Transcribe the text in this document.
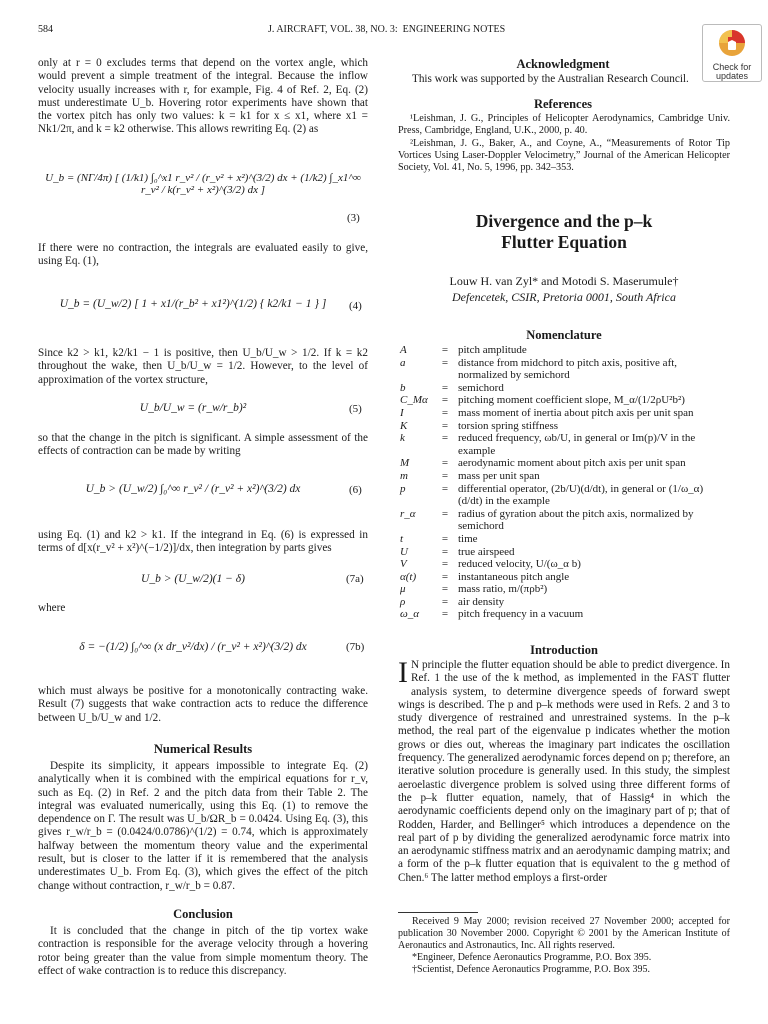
584	J. AIRCRAFT, VOL. 38, NO. 3: ENGINEERING NOTES
Check for
updates

only at r = 0 excludes terms that depend on the vortex angle, which would prevent a simple treatment of the integral. Because the inflow velocity usually increases with r, for example, Fig. 4 of Ref. 2, Eq. (2) must underestimate U_b. Hovering rotor experiments have shown that the vortex pitch has only two values: k = k1 for x ≤ x1, where x1 = Nk1/2π, and k = k2 otherwise. This allows rewriting Eq. (2) as

U_b = (NΓ/4π) [ (1/k1) ∫₀^x1 r_v² / (r_v² + x²)^(3/2) dx + (1/k2) ∫_x1^∞ r_v² / k(r_v² + x²)^(3/2) dx ]
(3)

If there were no contraction, the integrals are evaluated easily to give, using Eq. (1),

U_b = (U_w/2) [ 1 + x1/(r_b² + x1²)^(1/2) { k2/k1 − 1 } ]	(4)

Since k2 > k1, k2/k1 − 1 is positive, then U_b/U_w > 1/2. If k = k2 throughout the wake, then U_b/U_w = 1/2. However, to the level of approximation of the vortex structure,

U_b/U_w = (r_w/r_b)²	(5)

so that the change in the pitch is significant. A simple assessment of the effects of contraction can be made by writing

U_b > (U_w/2) ∫₀^∞ r_v² / (r_v² + x²)^(3/2) dx	(6)

using Eq. (1) and k2 > k1. If the integrand in Eq. (6) is expressed in terms of d[x(r_v² + x²)^(−1/2)]/dx, then integration by parts gives

U_b > (U_w/2)(1 − δ)	(7a)
where
δ = −(1/2) ∫₀^∞ (x dr_v²/dx) / (r_v² + x²)^(3/2) dx	(7b)

which must always be positive for a monotonically contracting wake. Result (7) suggests that wake contraction acts to reduce the difference between U_b/U_w and 1/2.

Numerical Results

Despite its simplicity, it appears impossible to integrate Eq. (2) analytically when it is combined with the empirical equations for r_v, such as Eq. (2) in Ref. 2 and the pitch data from their Table 2. The integral was evaluated numerically, using this Eq. (1) to remove the dependence on Γ. The result was U_b/ΩR_b = 0.0424. Using Eq. (3), this gives r_w/r_b = (0.0424/0.0786)^(1/2) = 0.74, which is approximately halfway between the momentum theory value and the experimental result, but is closer to the latter if it is remembered that the analysis underestimates U_b. From Eq. (3), which gives the effect of the pitch change without contraction, r_w/r_b = 0.87.

Conclusion

It is concluded that the change in pitch of the tip vortex wake contraction is responsible for the average velocity through a hovering rotor being greater than the value from simple momentum theory. The effect of wake contraction is to reduce this discrepancy.

Acknowledgment
This work was supported by the Australian Research Council.
References
¹Leishman, J. G., Principles of Helicopter Aerodynamics, Cambridge Univ. Press, Cambridge, England, U.K., 2000, p. 40.
²Leishman, J. G., Baker, A., and Coyne, A., “Measurements of Rotor Tip Vortices Using Laser-Doppler Velocimetry,” Journal of the American Helicopter Society, Vol. 41, No. 5, 1996, pp. 342–353.
Divergence and the p–k
Flutter Equation
Louw H. van Zyl* and Motodi S. Maserumule†
Defencetek, CSIR, Pretoria 0001, South Africa
Nomenclature
A	= pitch amplitude
a	= distance from midchord to pitch axis, positive aft, normalized by semichord
b	= semichord
C_Mα	= pitching moment coefficient slope, M_α/(1/2ρU²b²)
I	= mass moment of inertia about pitch axis per unit span
K	= torsion spring stiffness
k	= reduced frequency, ωb/U, in general or Im(p)/V in the example
M	= aerodynamic moment about pitch axis per unit span
m	= mass per unit span
p	= differential operator, (2b/U)(d/dt), in general or (1/ω_α)(d/dt) in the example
r_α	= radius of gyration about the pitch axis, normalized by semichord
t	= time
U	= true airspeed
V	= reduced velocity, U/(ω_α b)
α(t)	= instantaneous pitch angle
μ	= mass ratio, m/(πρb²)
ρ	= air density
ω_α	= pitch frequency in a vacuum
Introduction
I N principle the flutter equation should be able to predict divergence. In Ref. 1 the use of the k method, as implemented in the FAST flutter analysis system, to determine divergence speeds of forward swept wings is described. The p and p–k methods were used in Refs. 2 and 3 to study divergence of restrained and unrestrained systems. In the p–k method, the real part of the eigenvalue p indicates whether the motion grows or dies out, whereas the imaginary part indicates the oscillation frequency. The generalized aerodynamic forces depend on p; therefore, an iterative solution procedure is generally used. In this study, the simplest aeroelastic divergence problem is solved using three different forms of the p–k flutter equation, namely, that of Hassig⁴ in which the aerodynamic coefficients depend only on the imaginary part of p; that of Rodden, Harder, and Bellinger⁵ which introduces a dependence on the real part of p by dividing the generalized aerodynamic force matrix into an aerodynamic stiffness matrix and an aerodynamic damping matrix; and a form of the p–k flutter equation that is equivalent to the g method of Chen.⁶ The latter method employs a first-order

Received 9 May 2000; revision received 27 November 2000; accepted for publication 30 November 2000. Copyright © 2001 by the American Institute of Aeronautics and Astronautics, Inc. All rights reserved.
*Engineer, Defence Aeronautics Programme, P.O. Box 395.
†Scientist, Defence Aeronautics Programme, P.O. Box 395.
